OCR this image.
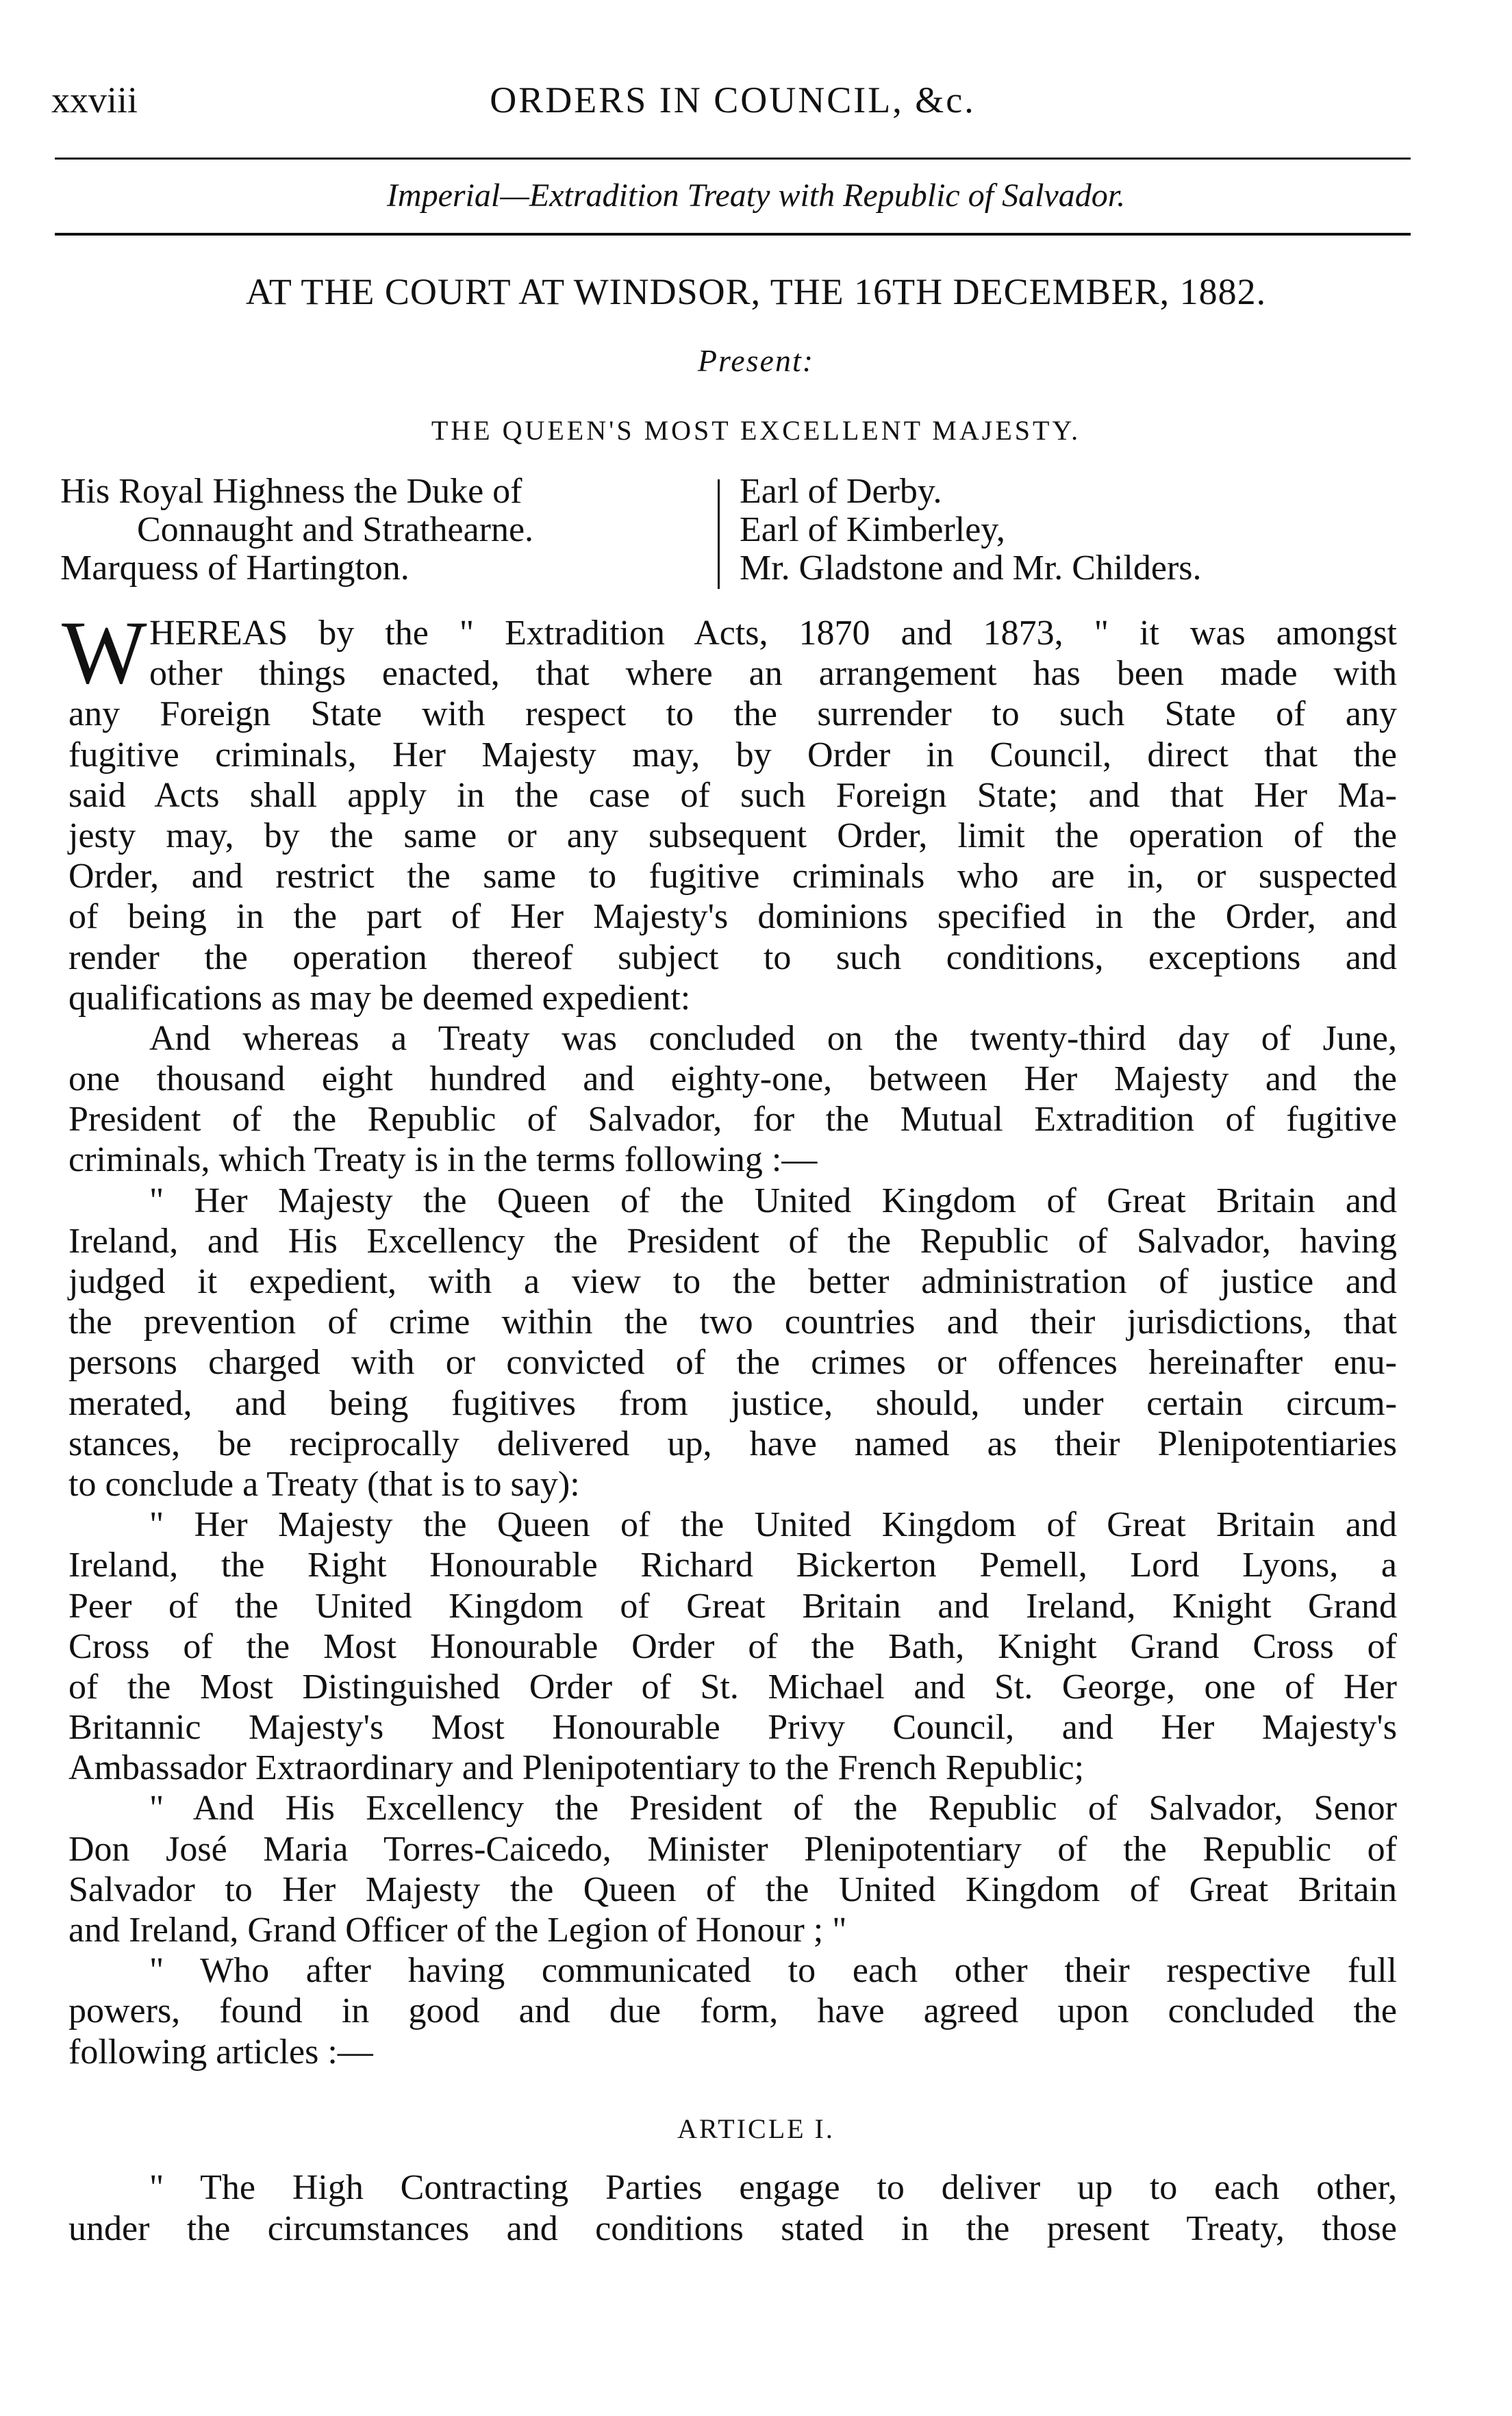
xxviii	ORDERS IN COUNCIL, &c.
Imperial—Extradition Treaty with Republic of Salvador.
AT THE COURT AT WINDSOR, THE 16TH DECEMBER, 1882.
Present:
THE QUEEN'S MOST EXCELLENT MAJESTY.
His Royal Highness the Duke of
Connaught and Strathearne.
Marquess of Hartington.
Earl of Derby.
Earl of Kimberley,
Mr. Gladstone and Mr. Childers.
W HEREAS by the " Extradition Acts, 1870 and 1873, " it was amongst
other things enacted, that where an arrangement has been made with
any Foreign State with respect to the surrender to such State of any
fugitive criminals, Her Majesty may, by Order in Council, direct that the
said Acts shall apply in the case of such Foreign State; and that Her Ma-
jesty may, by the same or any subsequent Order, limit the operation of the
Order, and restrict the same to fugitive criminals who are in, or suspected
of being in the part of Her Majesty's dominions specified in the Order, and
render the operation thereof subject to such conditions, exceptions and
qualifications as may be deemed expedient:
And whereas a Treaty was concluded on the twenty-third day of June,
one thousand eight hundred and eighty-one, between Her Majesty and the
President of the Republic of Salvador, for the Mutual Extradition of fugitive
criminals, which Treaty is in the terms following :—
" Her Majesty the Queen of the United Kingdom of Great Britain and
Ireland, and His Excellency the President of the Republic of Salvador, having
judged it expedient, with a view to the better administration of justice and
the prevention of crime within the two countries and their jurisdictions, that
persons charged with or convicted of the crimes or offences hereinafter enu-
merated, and being fugitives from justice, should, under certain circum-
stances, be reciprocally delivered up, have named as their Plenipotentiaries
to conclude a Treaty (that is to say):
" Her Majesty the Queen of the United Kingdom of Great Britain and
Ireland, the Right Honourable Richard Bickerton Pemell, Lord Lyons, a
Peer of the United Kingdom of Great Britain and Ireland, Knight Grand
Cross of the Most Honourable Order of the Bath, Knight Grand Cross of
of the Most Distinguished Order of St. Michael and St. George, one of Her
Britannic Majesty's Most Honourable Privy Council, and Her Majesty's
Ambassador Extraordinary and Plenipotentiary to the French Republic;
" And His Excellency the President of the Republic of Salvador, Senor
Don José Maria Torres-Caicedo, Minister Plenipotentiary of the Republic of
Salvador to Her Majesty the Queen of the United Kingdom of Great Britain
and Ireland, Grand Officer of the Legion of Honour ; "
" Who after having communicated to each other their respective full
powers, found in good and due form, have agreed upon concluded the
following articles :—
ARTICLE I.
" The High Contracting Parties engage to deliver up to each other,
under the circumstances and conditions stated in the present Treaty, those
